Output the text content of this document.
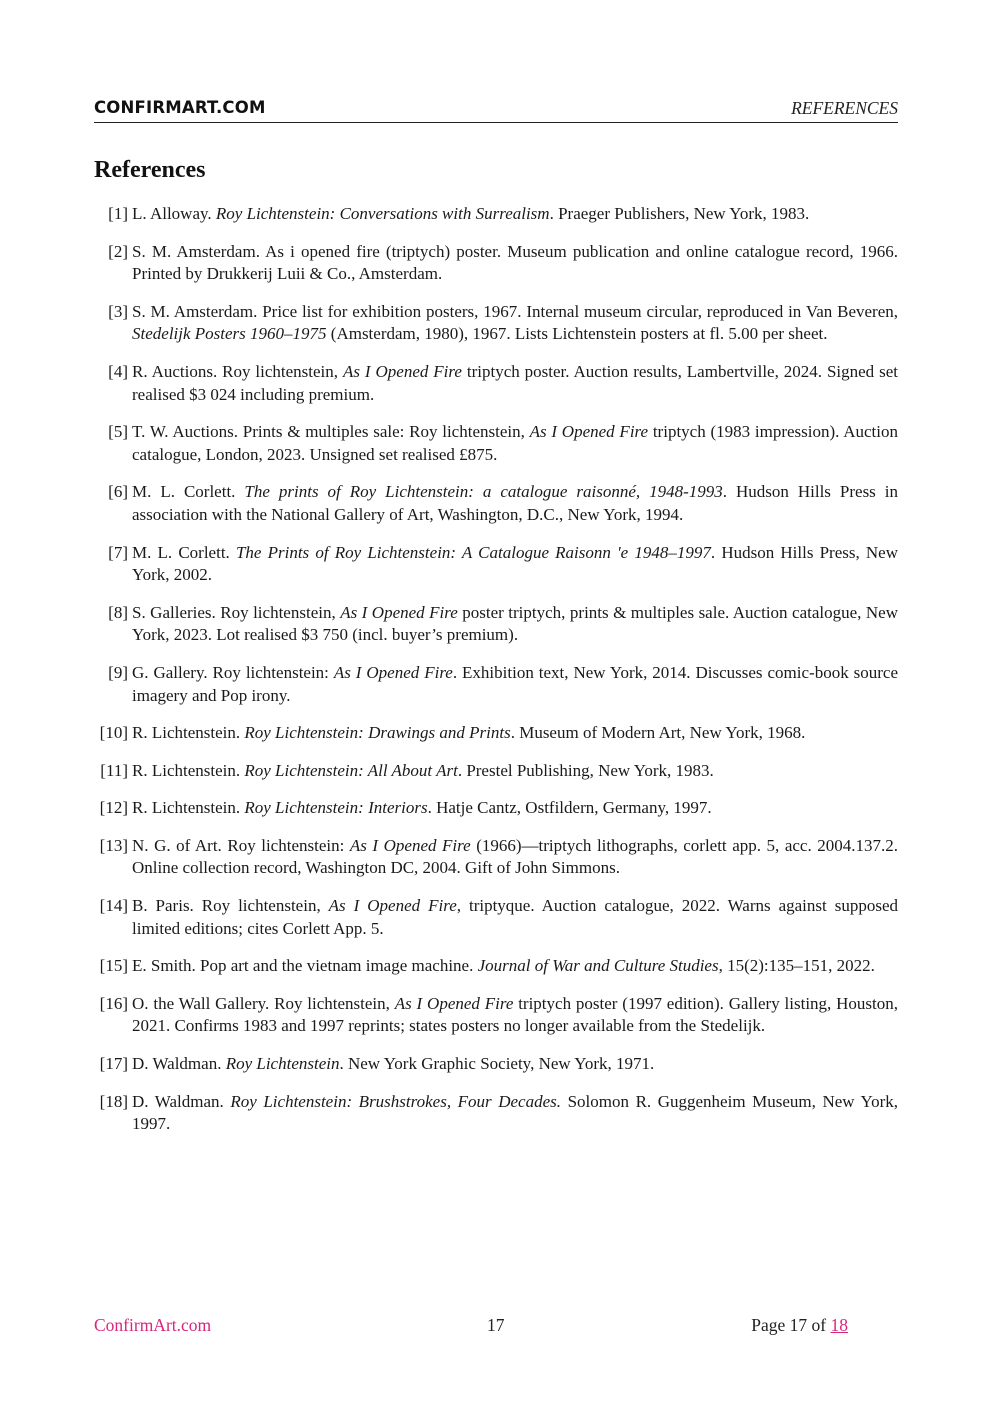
CONFIRMART.COM	REFERENCES
References
[1] L. Alloway. Roy Lichtenstein: Conversations with Surrealism. Praeger Publishers, New York, 1983.
[2] S. M. Amsterdam. As i opened fire (triptych) poster. Museum publication and online catalogue record, 1966. Printed by Drukkerij Luii & Co., Amsterdam.
[3] S. M. Amsterdam. Price list for exhibition posters, 1967. Internal museum circular, reproduced in Van Beveren, Stedelijk Posters 1960–1975 (Amsterdam, 1980), 1967. Lists Lichtenstein posters at fl. 5.00 per sheet.
[4] R. Auctions. Roy lichtenstein, As I Opened Fire triptych poster. Auction results, Lambertville, 2024. Signed set realised $3 024 including premium.
[5] T. W. Auctions. Prints & multiples sale: Roy lichtenstein, As I Opened Fire triptych (1983 impression). Auction catalogue, London, 2023. Unsigned set realised £875.
[6] M. L. Corlett. The prints of Roy Lichtenstein: a catalogue raisonné, 1948-1993. Hudson Hills Press in association with the National Gallery of Art, Washington, D.C., New York, 1994.
[7] M. L. Corlett. The Prints of Roy Lichtenstein: A Catalogue Raisonn 'e 1948–1997. Hudson Hills Press, New York, 2002.
[8] S. Galleries. Roy lichtenstein, As I Opened Fire poster triptych, prints & multiples sale. Auction catalogue, New York, 2023. Lot realised $3 750 (incl. buyer’s premium).
[9] G. Gallery. Roy lichtenstein: As I Opened Fire. Exhibition text, New York, 2014. Discusses comic-book source imagery and Pop irony.
[10] R. Lichtenstein. Roy Lichtenstein: Drawings and Prints. Museum of Modern Art, New York, 1968.
[11] R. Lichtenstein. Roy Lichtenstein: All About Art. Prestel Publishing, New York, 1983.
[12] R. Lichtenstein. Roy Lichtenstein: Interiors. Hatje Cantz, Ostfildern, Germany, 1997.
[13] N. G. of Art. Roy lichtenstein: As I Opened Fire (1966)—triptych lithographs, corlett app. 5, acc. 2004.137.2. Online collection record, Washington DC, 2004. Gift of John Simmons.
[14] B. Paris. Roy lichtenstein, As I Opened Fire, triptyque. Auction catalogue, 2022. Warns against supposed limited editions; cites Corlett App. 5.
[15] E. Smith. Pop art and the vietnam image machine. Journal of War and Culture Studies, 15(2):135–151, 2022.
[16] O. the Wall Gallery. Roy lichtenstein, As I Opened Fire triptych poster (1997 edition). Gallery listing, Houston, 2021. Confirms 1983 and 1997 reprints; states posters no longer available from the Stedelijk.
[17] D. Waldman. Roy Lichtenstein. New York Graphic Society, New York, 1971.
[18] D. Waldman. Roy Lichtenstein: Brushstrokes, Four Decades. Solomon R. Guggenheim Museum, New York, 1997.
ConfirmArt.com	17	Page 17 of 18
